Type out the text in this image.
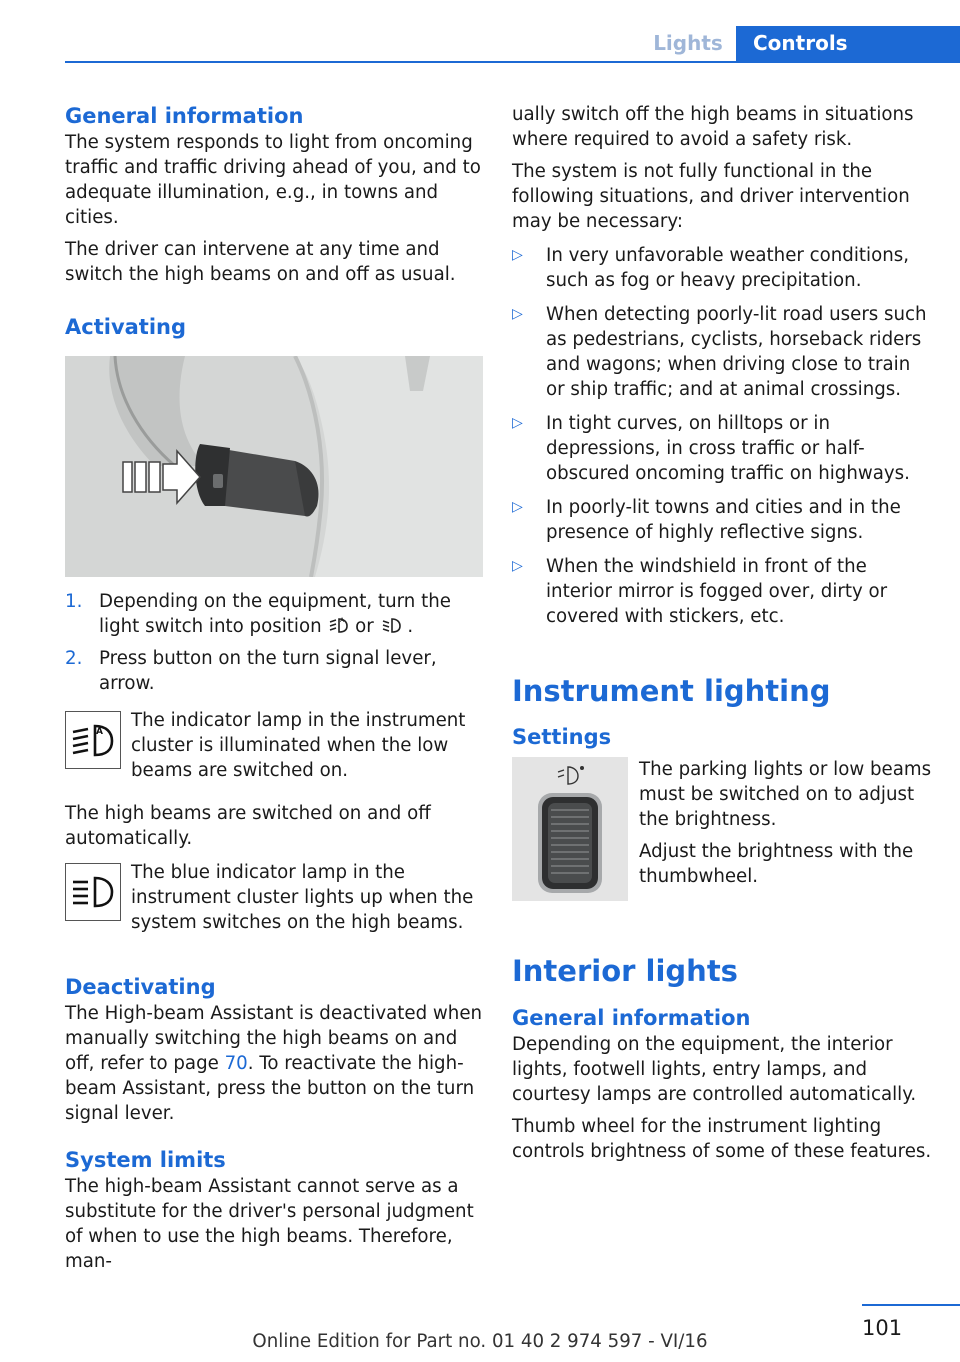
Lights	Controls
General information
The system responds to light from oncoming traffic and traffic driving ahead of you, and to adequate illumination, e.g., in towns and cities.
The driver can intervene at any time and switch the high beams on and off as usual.
Activating
1. Depending on the equipment, turn the light switch into position A or  .
2. Press button on the turn signal lever, arrow.
A
The indicator lamp in the instrument cluster is illuminated when the low beams are switched on.
The high beams are switched on and off automatically.
The blue indicator lamp in the instrument cluster lights up when the system switches on the high beams.
Deactivating
The High-beam Assistant is deactivated when manually switching the high beams on and off, refer to page 70. To reactivate the high-beam Assistant, press the button on the turn signal lever.
System limits
The high-beam Assistant cannot serve as a substitute for the driver's personal judgment of when to use the high beams. Therefore, man-
ually switch off the high beams in situations where required to avoid a safety risk.
The system is not fully functional in the following situations, and driver intervention may be necessary:
▷	In very unfavorable weather conditions, such as fog or heavy precipitation.
▷	When detecting poorly-lit road users such as pedestrians, cyclists, horseback riders and wagons; when driving close to train or ship traffic; and at animal crossings.
▷	In tight curves, on hilltops or in depressions, in cross traffic or half-obscured oncoming traffic on highways.
▷	In poorly-lit towns and cities and in the presence of highly reflective signs.
▷	When the windshield in front of the interior mirror is fogged over, dirty or covered with stickers, etc.
Instrument lighting
Settings
The parking lights or low beams must be switched on to adjust the brightness.
Adjust the brightness with the thumbwheel.
Interior lights
General information
Depending on the equipment, the interior lights, footwell lights, entry lamps, and courtesy lamps are controlled automatically.
Thumb wheel for the instrument lighting controls brightness of some of these features.
101
Online Edition for Part no. 01 40 2 974 597 - VI/16
